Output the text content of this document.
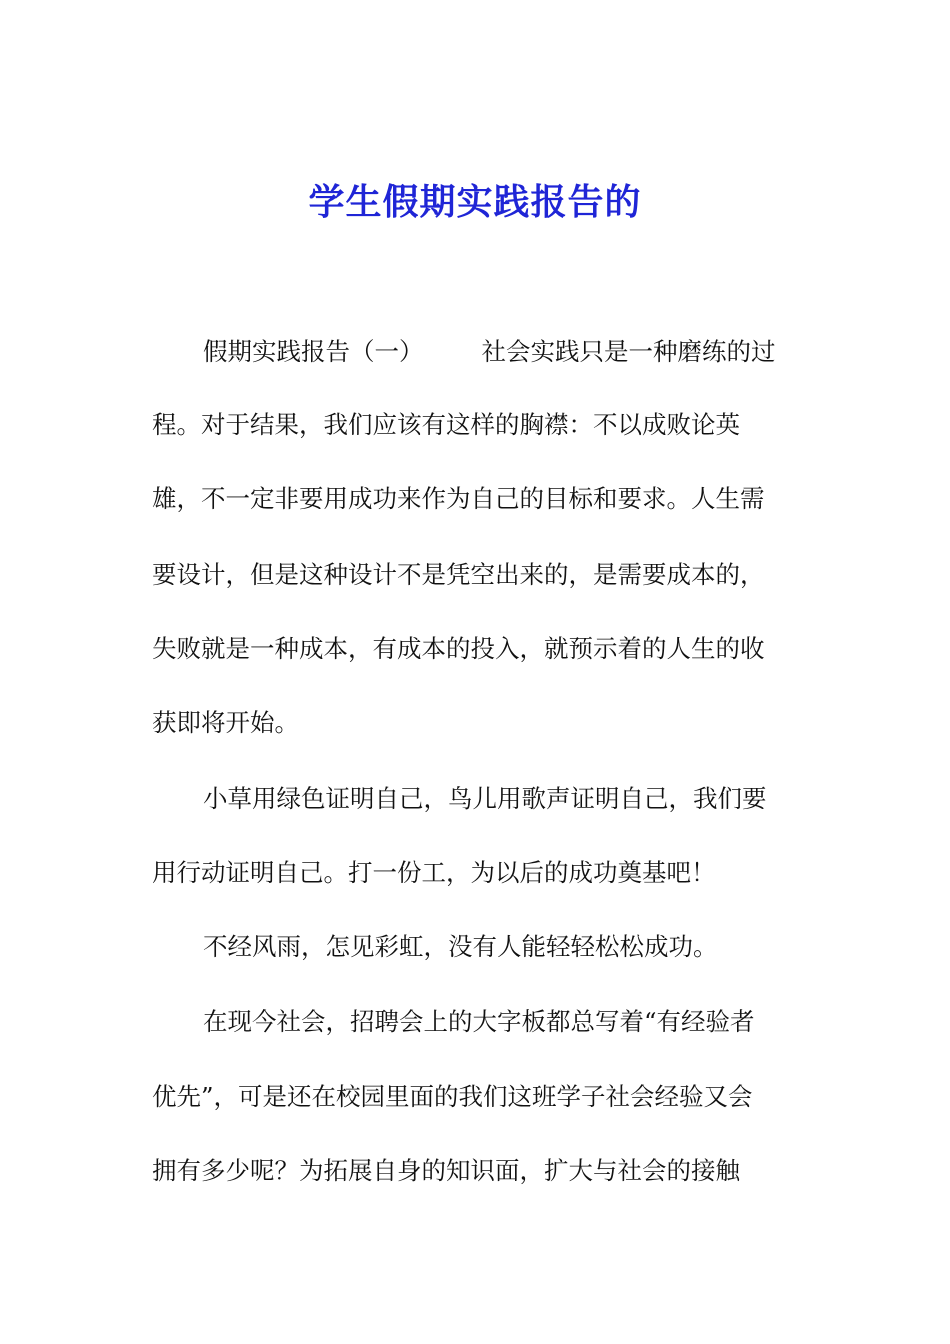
学生假期实践报告的
假期实践报告（一） 社会实践只是一种磨练的过
程。对于结果，我们应该有这样的胸襟：不以成败论英
雄，不一定非要用成功来作为自己的目标和要求。人生需
要设计，但是这种设计不是凭空出来的，是需要成本的，
失败就是一种成本，有成本的投入，就预示着的人生的收
获即将开始。
小草用绿色证明自己，鸟儿用歌声证明自己，我们要
用行动证明自己。打一份工，为以后的成功奠基吧！
不经风雨，怎见彩虹，没有人能轻轻松松成功。
在现今社会，招聘会上的大字板都总写着“有经验者
优先”，可是还在校园里面的我们这班学子社会经验又会
拥有多少呢？为拓展自身的知识面，扩大与社会的接触
